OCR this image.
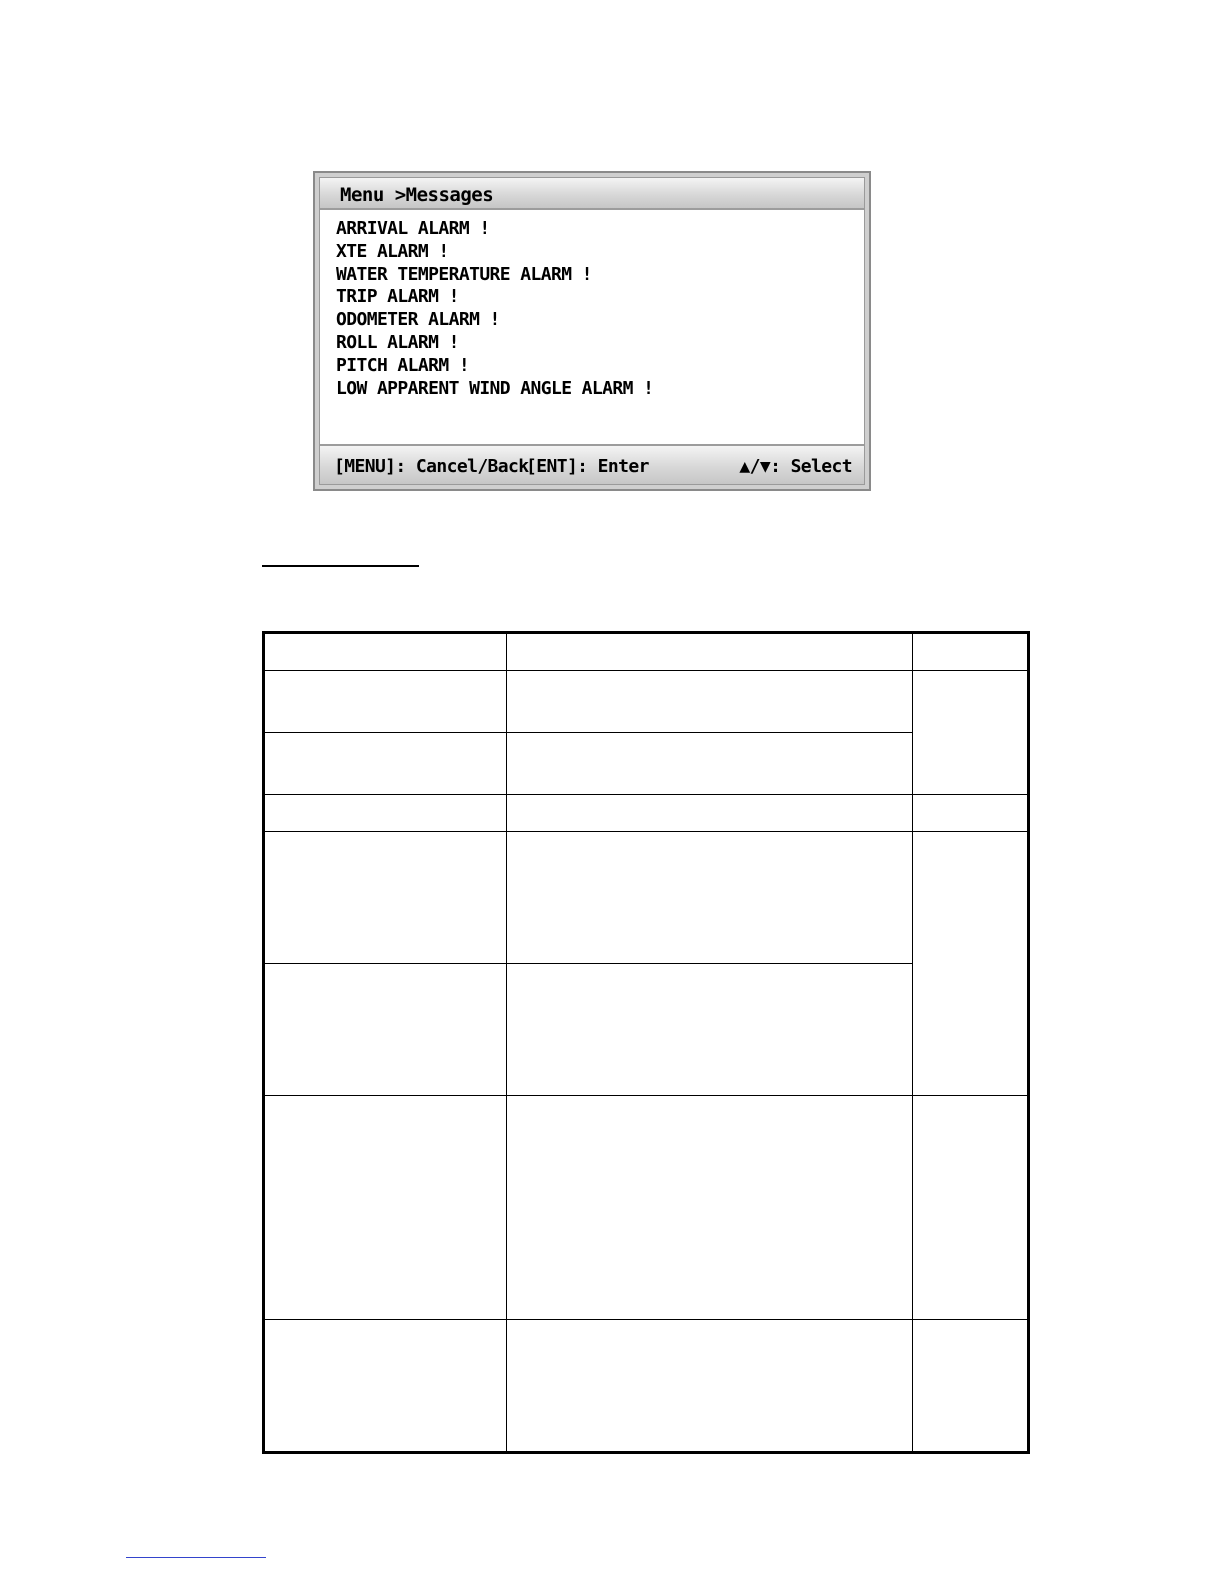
Menu >Messages
ARRIVAL ALARM !
XTE ALARM !
WATER TEMPERATURE ALARM !
TRIP ALARM !
ODOMETER ALARM !
ROLL ALARM !
PITCH ALARM !
LOW APPARENT WIND ANGLE ALARM !
[MENU]: Cancel/Back
[ENT]: Enter	▲/▼: Select
